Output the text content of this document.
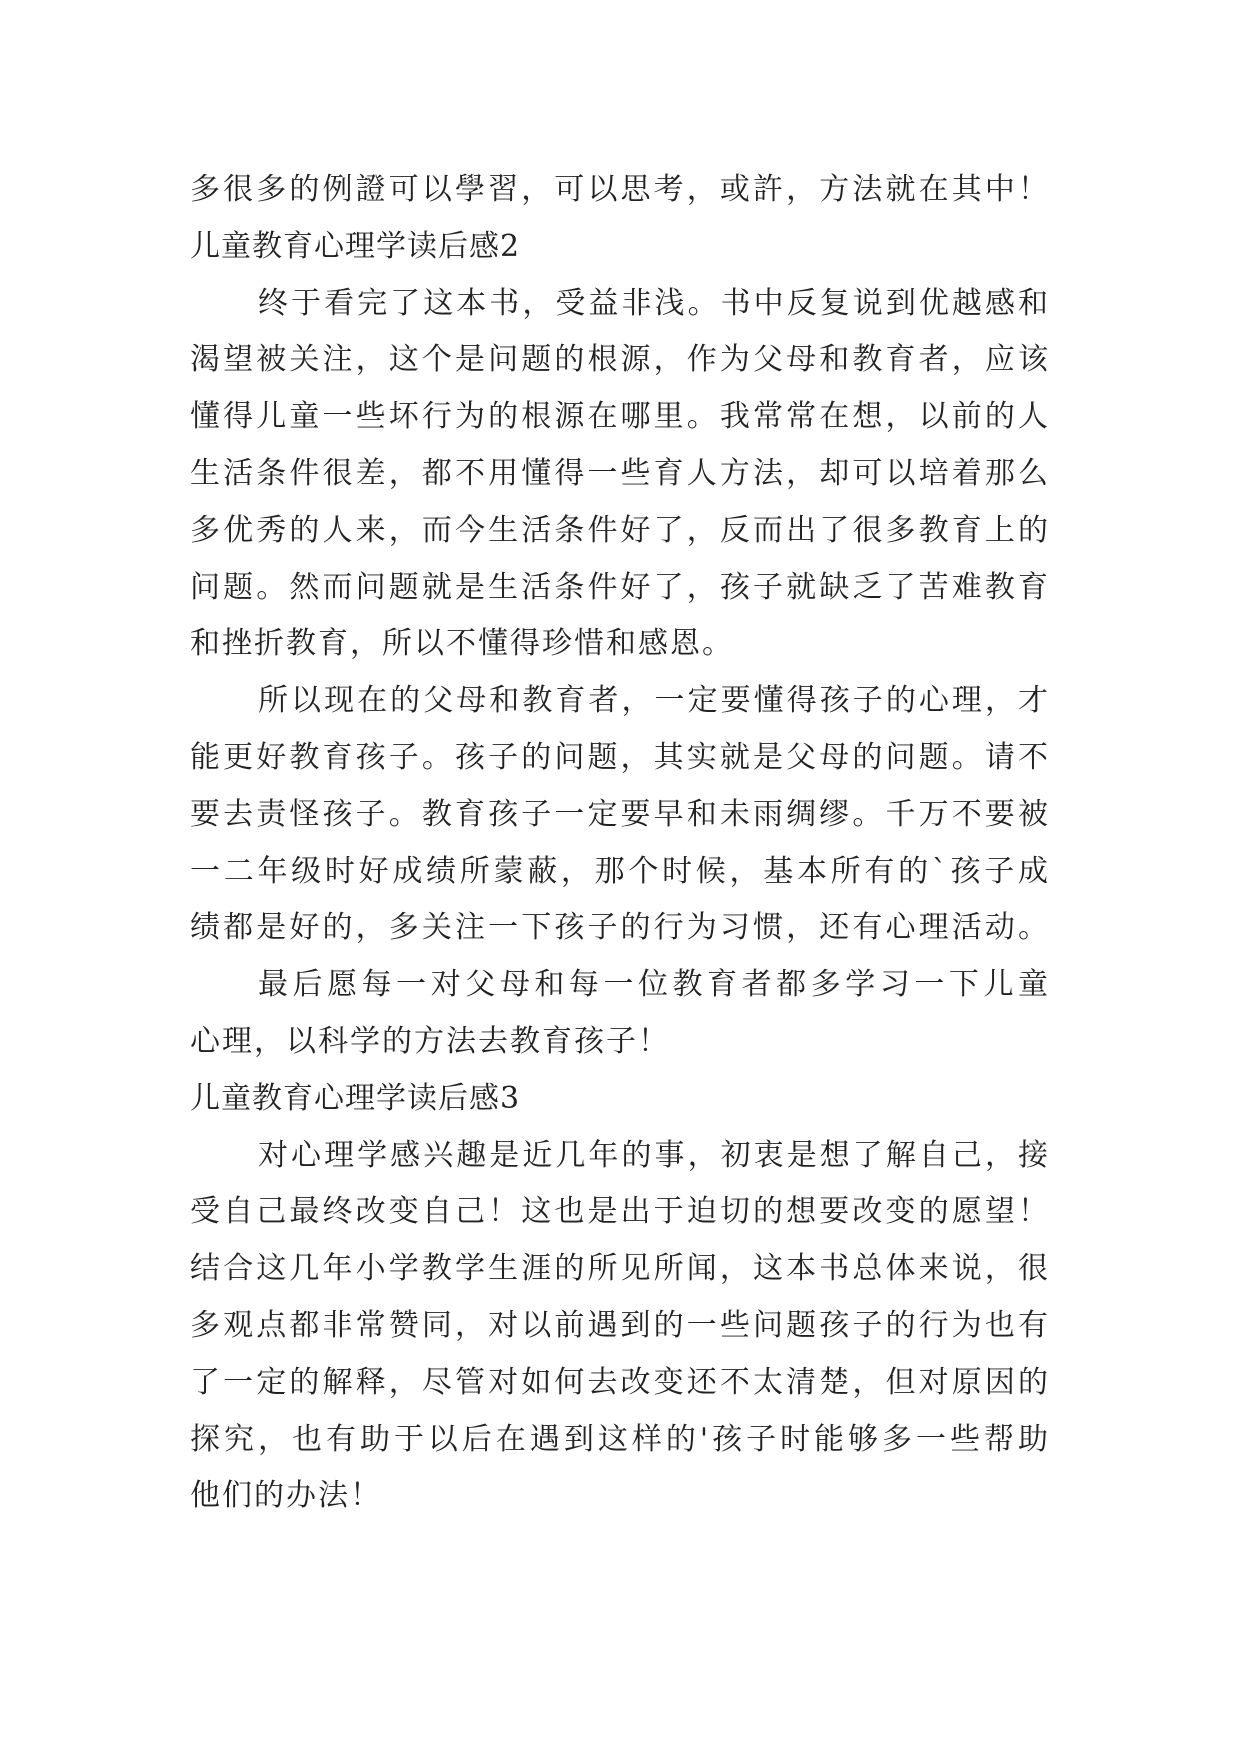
多很多的例證可以學習，可以思考，或許，方法就在其中！
儿童教育心理学读后感2
终于看完了这本书，受益非浅。书中反复说到优越感和
渴望被关注，这个是问题的根源，作为父母和教育者，应该
懂得儿童一些坏行为的根源在哪里。我常常在想，以前的人
生活条件很差，都不用懂得一些育人方法，却可以培着那么
多优秀的人来，而今生活条件好了，反而出了很多教育上的
问题。然而问题就是生活条件好了，孩子就缺乏了苦难教育
和挫折教育，所以不懂得珍惜和感恩。
所以现在的父母和教育者，一定要懂得孩子的心理，才
能更好教育孩子。孩子的问题，其实就是父母的问题。请不
要去责怪孩子。教育孩子一定要早和未雨绸缪。千万不要被
一二年级时好成绩所蒙蔽，那个时候，基本所有的`孩子成
绩都是好的，多关注一下孩子的行为习惯，还有心理活动。
最后愿每一对父母和每一位教育者都多学习一下儿童
心理，以科学的方法去教育孩子！
儿童教育心理学读后感3
对心理学感兴趣是近几年的事，初衷是想了解自己，接
受自己最终改变自己！这也是出于迫切的想要改变的愿望！
结合这几年小学教学生涯的所见所闻，这本书总体来说，很
多观点都非常赞同，对以前遇到的一些问题孩子的行为也有
了一定的解释，尽管对如何去改变还不太清楚，但对原因的
探究，也有助于以后在遇到这样的'孩子时能够多一些帮助
他们的办法！
